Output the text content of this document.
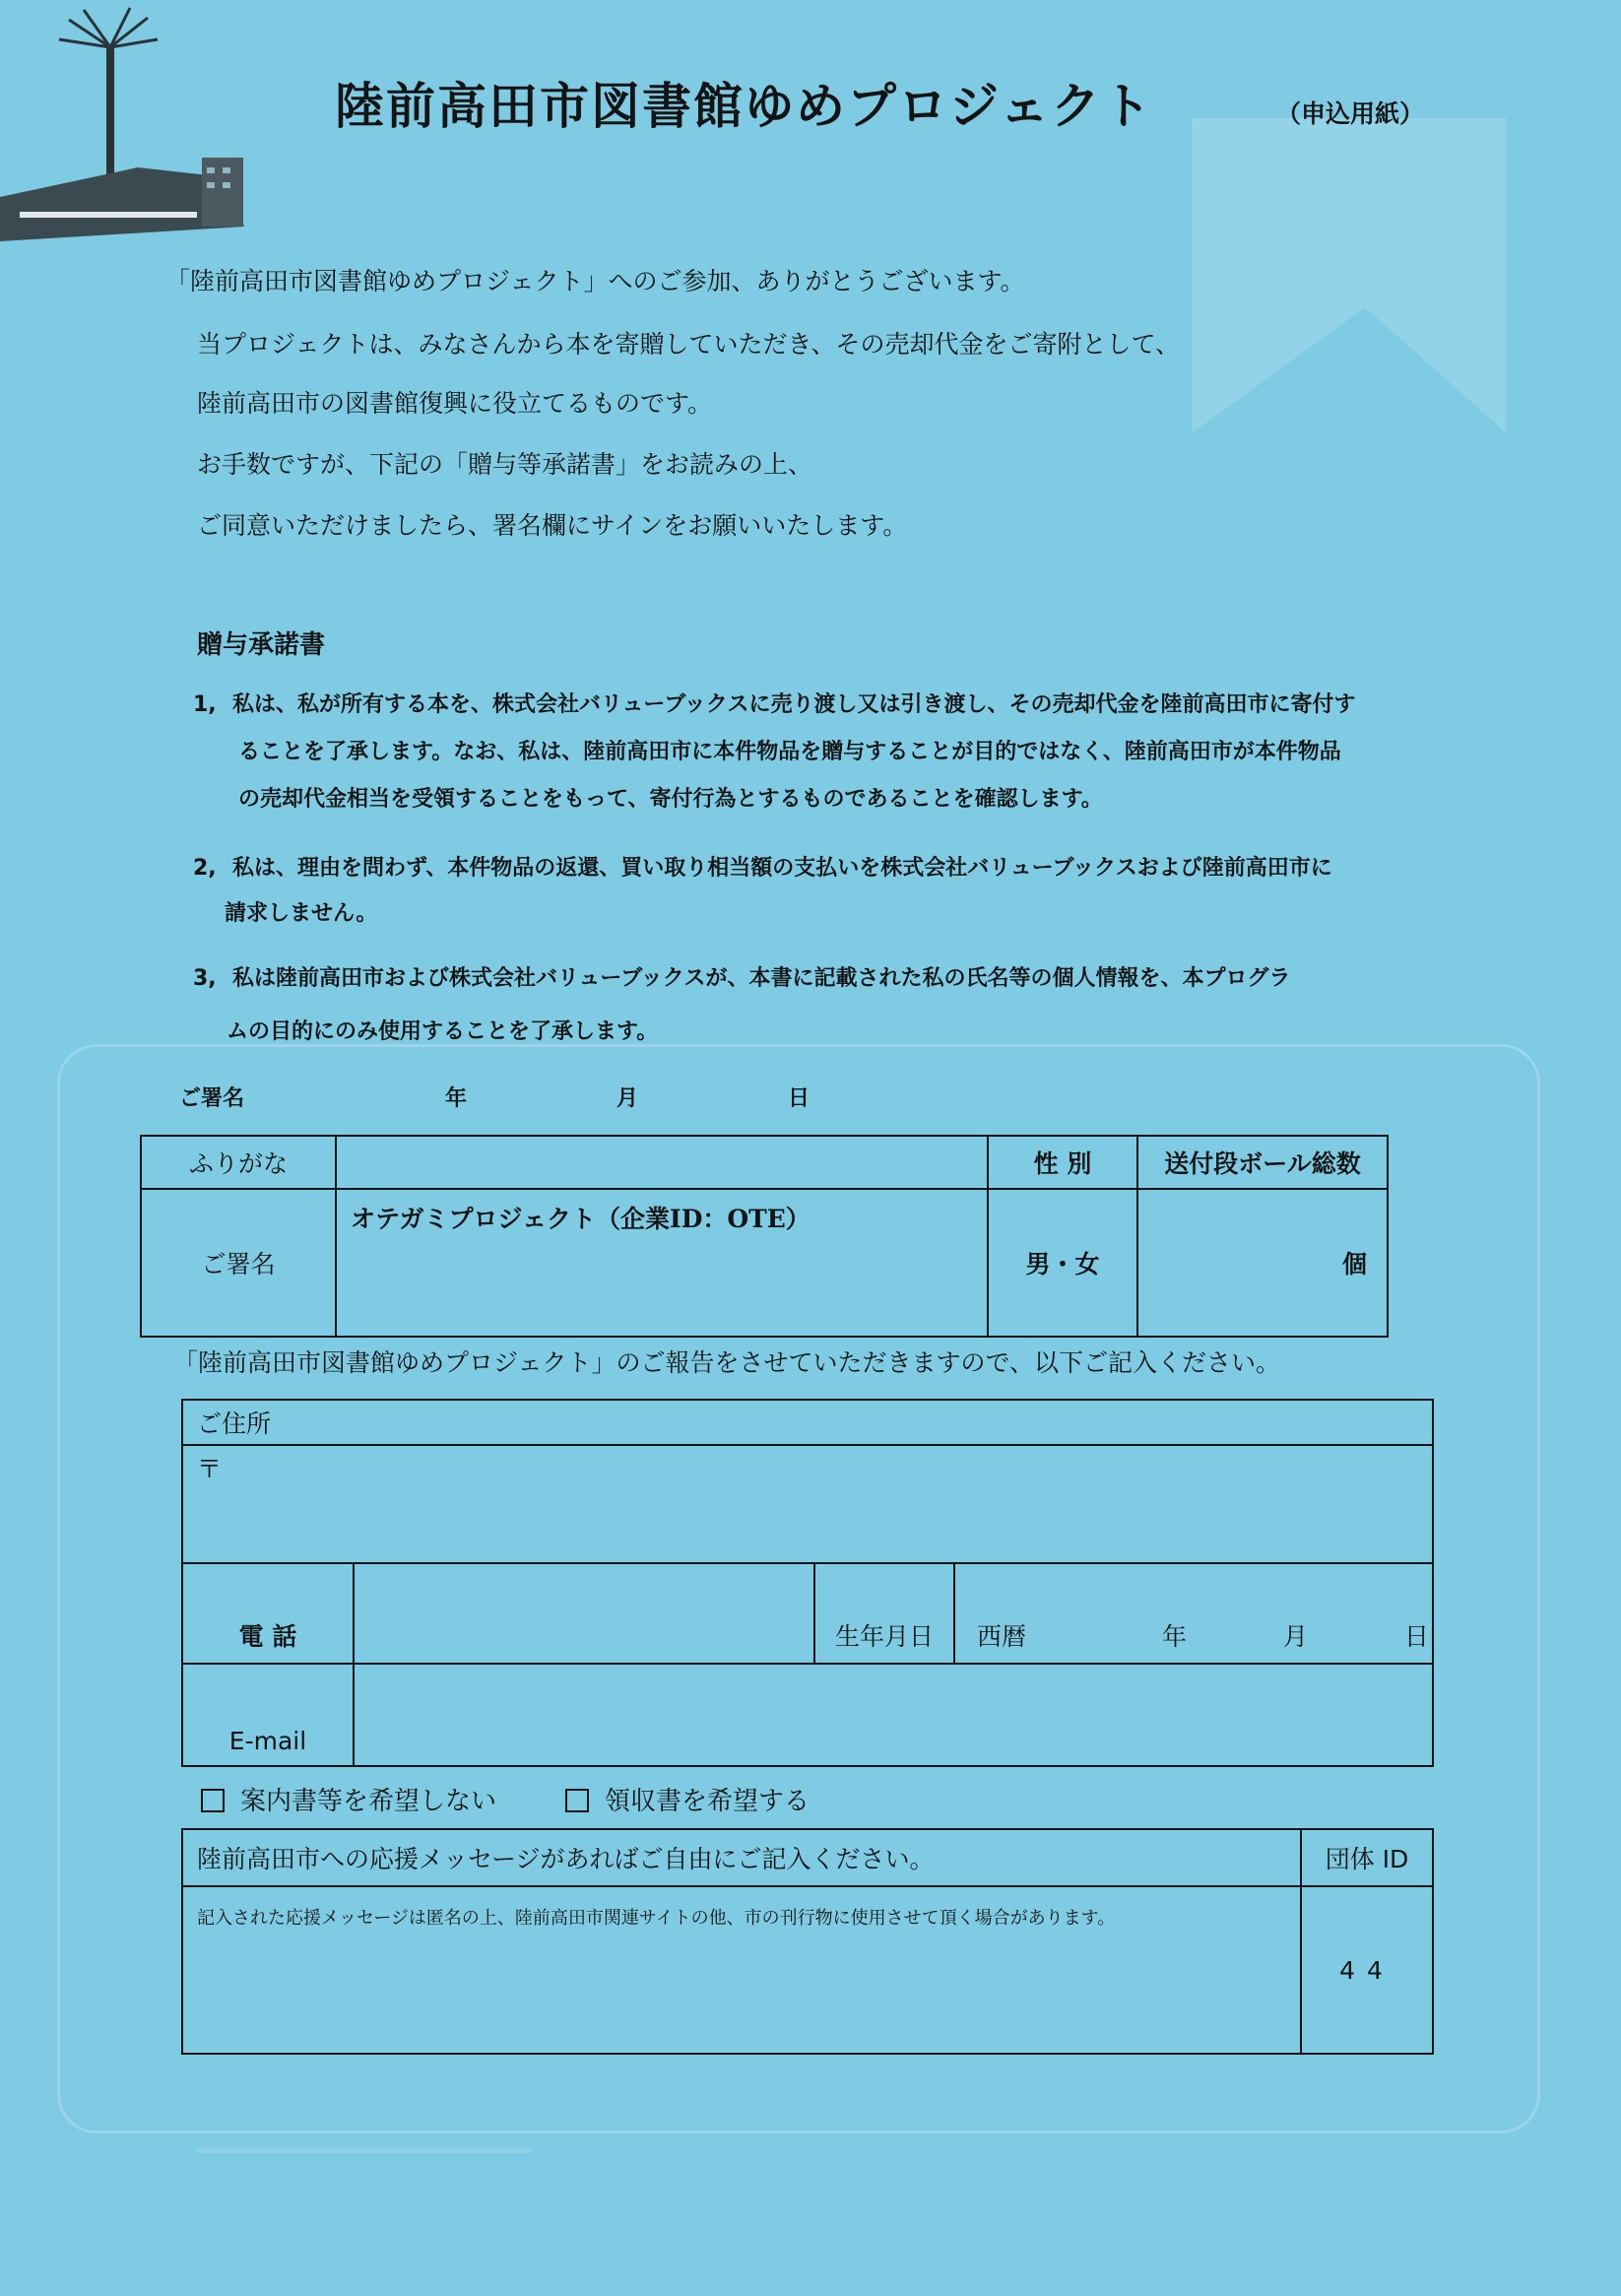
陸前高田市図書館ゆめプロジェクト	（申込用紙）

「陸前高田市図書館ゆめプロジェクト」へのご参加、ありがとうございます。

当プロジェクトは、みなさんから本を寄贈していただき、その売却代金をご寄附として、

陸前高田市の図書館復興に役立てるものです。

お手数ですが、下記の「贈与等承諾書」をお読みの上、

ご同意いただけましたら、署名欄にサインをお願いいたします。

贈与承諾書
1, 私は、私が所有する本を、株式会社バリューブックスに売り渡し又は引き渡し、その売却代金を陸前高田市に寄付す
ることを了承します。なお、私は、陸前高田市に本件物品を贈与することが目的ではなく、陸前高田市が本件物品
の売却代金相当を受領することをもって、寄付行為とするものであることを確認します。
2, 私は、理由を問わず、本件物品の返還、買い取り相当額の支払いを株式会社バリューブックスおよび陸前高田市に
請求しません。
3, 私は陸前高田市および株式会社バリューブックスが、本書に記載された私の氏名等の個人情報を、本プログラ
ムの目的にのみ使用することを了承します。
ご署名	年	月	日
ふりがな		性 別	送付段ボール総数
ご署名	オテガミプロジェクト（企業ID：OTE）	男・女	個
「陸前高田市図書館ゆめプロジェクト」のご報告をさせていただきますので、以下ご記入ください。
ご住所			
〒			
電 話		生年月日	西暦 年 月 日
E-mail			
案内書等を希望しない	領収書を希望する
陸前高田市への応援メッセージがあればご自由にご記入ください。	団体 ID
記入された応援メッセージは匿名の上、陸前高田市関連サイトの他、市の刊行物に使用させて頂く場合があります。	44
